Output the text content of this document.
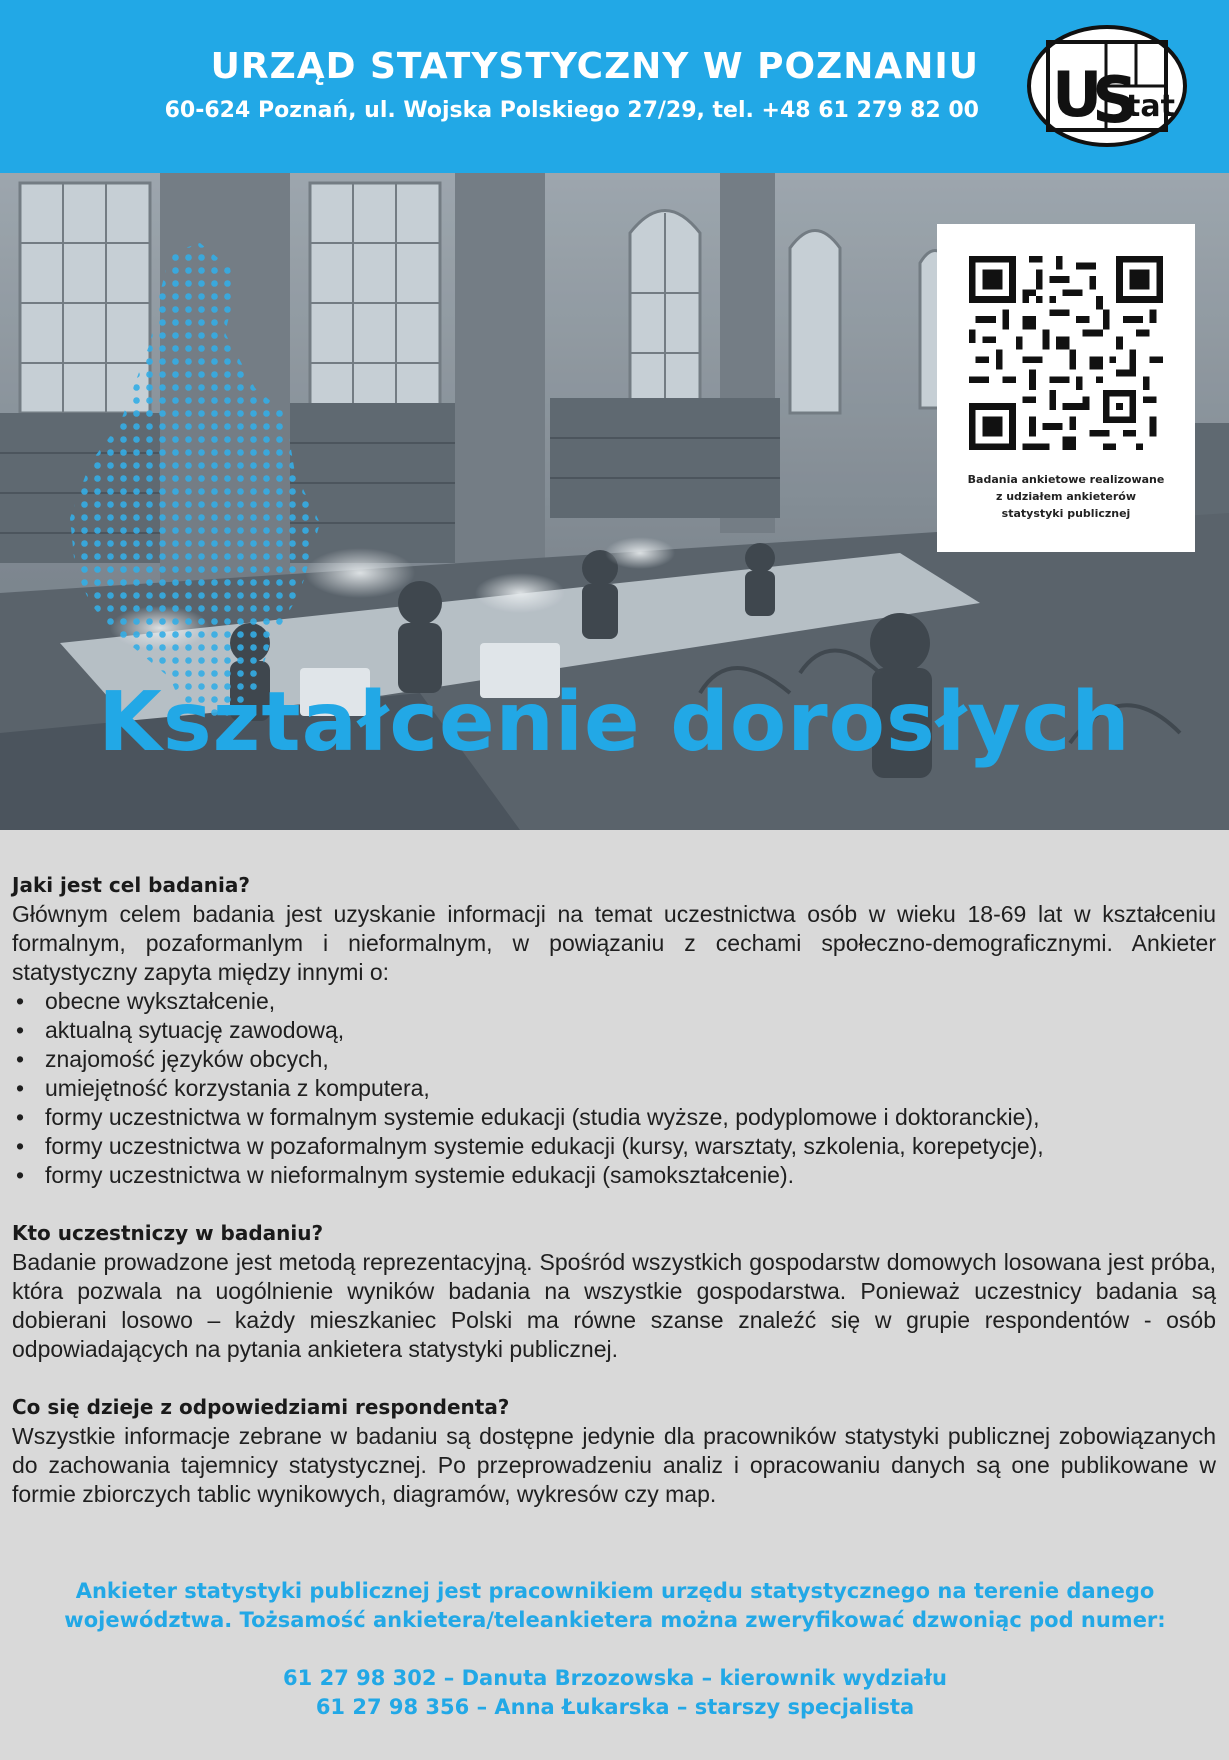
URZĄD STATYSTYCZNY W POZNANIU
60-624 Poznań, ul. Wojska Polskiego 27/29, tel. +48 61 279 82 00 U
S
tat
Badania ankietowe realizowane
z udziałem ankieterów
statystyki publicznej
Kształcenie dorosłych
Jaki jest cel badania?

Głównym celem badania jest uzyskanie informacji na temat uczestnictwa osób w wieku 18-69 lat w kształceniu formalnym, pozaformanlym i nieformalnym, w powiązaniu z cechami społeczno-demograficznymi. Ankieter statystyczny zapyta między innymi o:

• obecne wykształcenie,
• aktualną sytuację zawodową,
• znajomość języków obcych,
• umiejętność korzystania z komputera,
• formy uczestnictwa w formalnym systemie edukacji (studia wyższe, podyplomowe i doktoranckie),
• formy uczestnictwa w pozaformalnym systemie edukacji (kursy, warsztaty, szkolenia, korepetycje),
• formy uczestnictwa w nieformalnym systemie edukacji (samokształcenie).
Kto uczestniczy w badaniu?

Badanie prowadzone jest metodą reprezentacyjną. Spośród wszystkich gospodarstw domowych losowana jest próba, która pozwala na uogólnienie wyników badania na wszystkie gospodarstwa. Ponieważ uczestnicy badania są dobierani losowo – każdy mieszkaniec Polski ma równe szanse znaleźć się w grupie respondentów - osób odpowiadających na pytania ankietera statystyki publicznej.

Co się dzieje z odpowiedziami respondenta?

Wszystkie informacje zebrane w badaniu są dostępne jedynie dla pracowników statystyki publicznej zobowiązanych do zachowania tajemnicy statystycznej. Po przeprowadzeniu analiz i opracowaniu danych są one publikowane w formie zbiorczych tablic wynikowych, diagramów, wykresów czy map.

Ankieter statystyki publicznej jest pracownikiem urzędu statystycznego na terenie danego

województwa. Tożsamość ankietera/teleankietera można zweryfikować dzwoniąc pod numer:

61 27 98 302 – Danuta Brzozowska – kierownik wydziału

61 27 98 356 – Anna Łukarska – starszy specjalista
